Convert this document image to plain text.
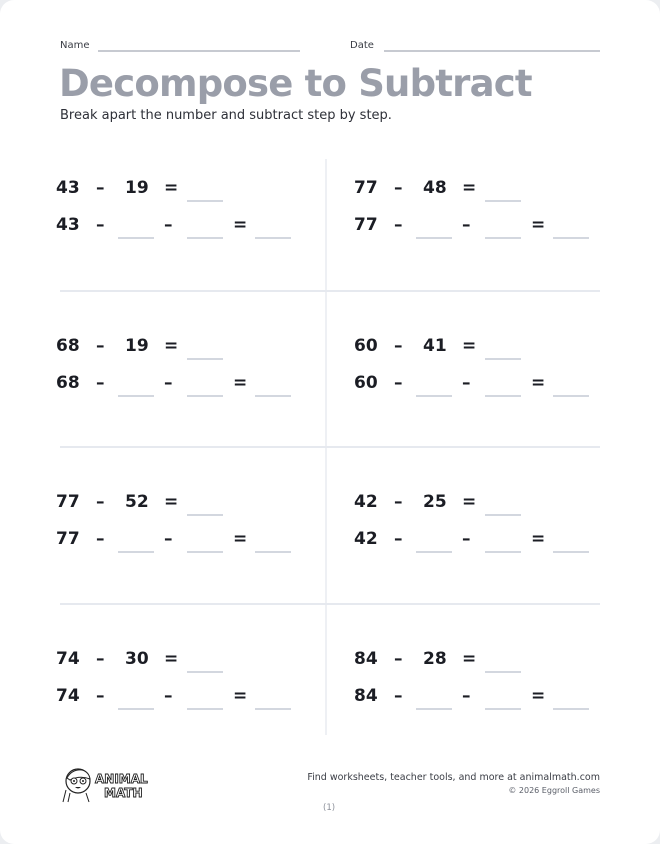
Name	Date
Decompose to Subtract
Break apart the number and subtract step by step.
43 – 19 =
43 –	–	=
77 – 48 =
77 –	–	=
68 – 19 =
68 –	–	=
60 – 41 =
60 –	–	=
77 – 52 =
77 –	–	=
42 – 25 =
42 –	–	=
74 – 30 =
74 –	–	=
84 – 28 =
84 –	–	=
ANIMAL
MATH
Find worksheets, teacher tools, and more at animalmath.com
© 2026 Eggroll Games
(1)
